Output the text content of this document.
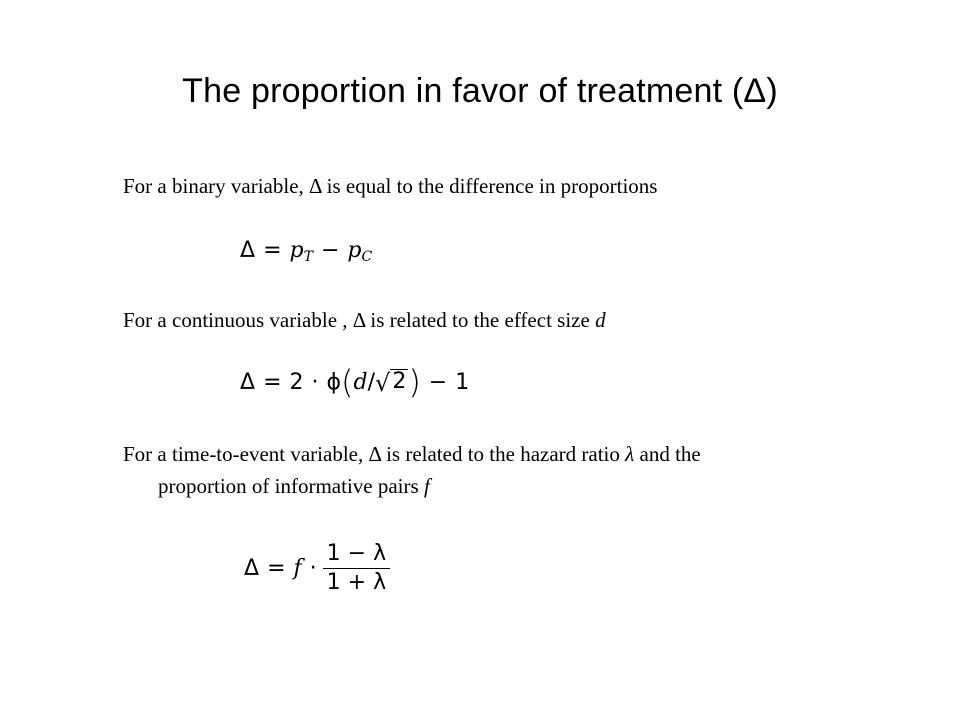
The proportion in favor of treatment (Δ)
For a binary variable, Δ is equal to the difference in proportions
Δ = p T − p C
For a continuous variable , Δ is related to the effect size d
Δ = 2 · ϕ ( d / √ 2 ) − 1
For a time-to-event variable, Δ is related to the hazard ratio λ and the
proportion of informative pairs f
$\Delta = f \cdot \frac{1 - \lambda}{1 + \lambda}$
